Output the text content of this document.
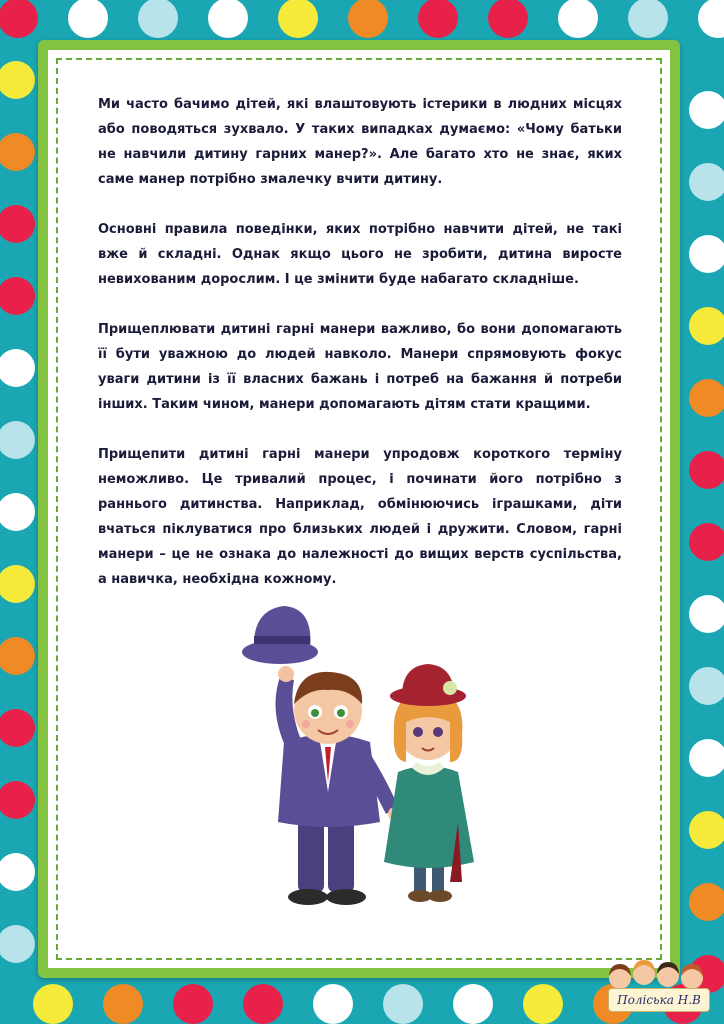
Ми часто бачимо дітей, які влаштовують істерики в людних місцях або поводяться зухвало. У таких випадках думаємо: «Чому батьки не навчили дитину гарних манер?». Але багато хто не знає, яких саме манер потрібно змалечку вчити дитину.

Основні правила поведінки, яких потрібно навчити дітей, не такі вже й складні. Однак якщо цього не зробити, дитина виросте невихованим дорослим. І це змінити буде набагато складніше.

Прищеплювати дитині гарні манери важливо, бо вони допомагають її бути уважною до людей навколо. Манери спрямовують фокус уваги дитини із її власних бажань і потреб на бажання й потреби інших. Таким чином, манери допомагають дітям стати кращими.

Прищепити дитині гарні манери упродовж короткого терміну неможливо. Це тривалий процес, і починати його потрібно з раннього дитинства. Наприклад, обмінюючись іграшками, діти вчаться піклуватися про близьких людей і дружити. Словом, гарні манери – це не ознака до належності до вищих верств суспільства, а навичка, необхідна кожному.

Поліська Н.В
